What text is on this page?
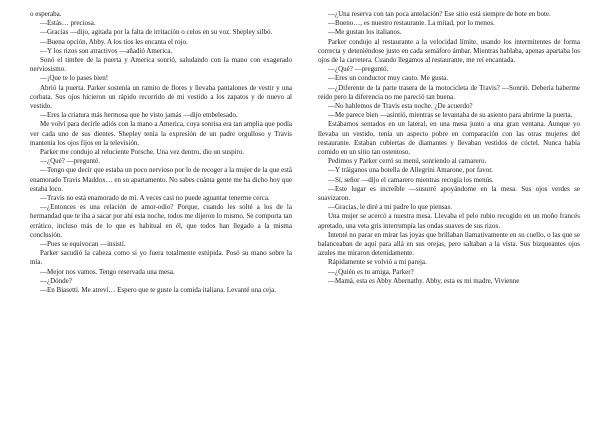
o esperaba.

—Estás… preciosa.

—Gracias —dijo, agitada por la falta de irritación o celos en su voz. Shepley silbó.

—Buena opción, Abby. A los tíos les encanta el rojo.

—Y los rizos son atractivos —añadió America.

Sonó el timbre de la puerta y America sonrió, saludando con la mano con exagerado nerviosismo.

—¡Que te lo pases bien!

Abrió la puerta. Parker sostenía un ramito de flores y llevaba pantalones de vestir y una corbata. Sus ojos hicieron un rápido recorrido de mi vestido a los zapatos y de nuevo al vestido.

—Eres la criatura más hermosa que he visto jamás —dijo embelesado.

Me volví para decirle adiós con la mano a America, cuya sonrisa era tan amplia que podía ver cada uno de sus dientes. Shepley tenía la expresión de un padre orgulloso y Travis mantenía los ojos fijos en la televisión.

Parker me condujo al reluciente Porsche. Una vez dentro, dio un suspiro.

—¿Qué? —pregunté.

—Tengo que decir que estaba un poco nervioso por lo de recoger a la mujer de la que está enamorado Travis Maddox… en su apartamento. No sabes cuánta gente me ha dicho hoy que estaba loco.

—Travis no está enamorado de mí. A veces casi no puede aguantar tenerme cerca.

—¿Entonces es una relación de amor-odio? Porque, cuando les solté a los de la hermandad que te iba a sacar por ahí esta noche, todos me dijeron lo mismo. Se comporta tan errático, incluso más de lo que es habitual en él, que todos han llegado a la misma conclusión.

—Pues se equivocan —insistí.

Parker sacudió la cabeza como si yo fuera totalmente estúpida. Posó su mano sobre la mía.

—Mejor nos vamos. Tengo reservada una mesa.

—¿Dónde?

—En Biasetti. Me atreví… Espero que te guste la comida italiana. Levanté una ceja.

—¿Una reserva con tan poca antelación? Ese sitio está siempre de bote en bote.

—Bueno…, es nuestro restaurante. La mitad, por lo menos.

—Me gustan los italianos.

Parker condujo al restaurante a la velocidad límite, usando los intermitentes de forma correcta y deteniéndose justo en cada semáforo ámbar. Mientras hablaba, apenas apartaba los ojos de la carretera. Cuando llegamos al restaurante, me reí encantada.

—¿Qué? —preguntó.

—Eres un conductor muy cauto. Me gusta.

—¿Diferente de la parte trasera de la motocicleta de Travis? —Sonrió. Debería haberme reído pero la diferencia no me pareció tan buena.

—No hablemos de Travis esta noche. ¿De acuerdo?

—Me parece bien —asintió, mientras se levantaba de su asiento para abrirme la puerta.

Estábamos sentados en un lateral, en una mesa junto a una gran ventana. Aunque yo llevaba un vestido, tenía un aspecto pobre en comparación con las otras mujeres del restaurante. Estaban cubiertas de diamantes y llevaban vestidos de cóctel. Nunca había comido en un sitio tan ostentoso.

Pedimos y Parker cerró su menú, sonriendo al camarero.

—Y tráiganos una botella de Allegrini Amarone, por favor.

—Sí, señor —dijo el camarero mientras recogía los menús.

—Este lugar es increíble —susurré apoyándome en la mesa. Sus ojos verdes se suavizaron.

—Gracias, le diré a mi padre lo que piensas.

Una mujer se acercó a nuestra mesa. Llevaba el pelo rubio recogido en un moño francés apretado, una veta gris interrumpía las ondas suaves de sus rizos.

Intenté no parar en mirar las joyas que brillaban llamativamente en su cuello, o las que se balanceaban de aquí para allá en sus orejas, pero saltaban a la vista. Sus bizqueantes ojos azules me miraron detenidamente.

Rápidamente se volvió a mi pareja.

—¿Quién es tu amiga, Parker?

—Mamá, esta es Abby Abernathy. Abby, esta es mi madre, Vivienne
